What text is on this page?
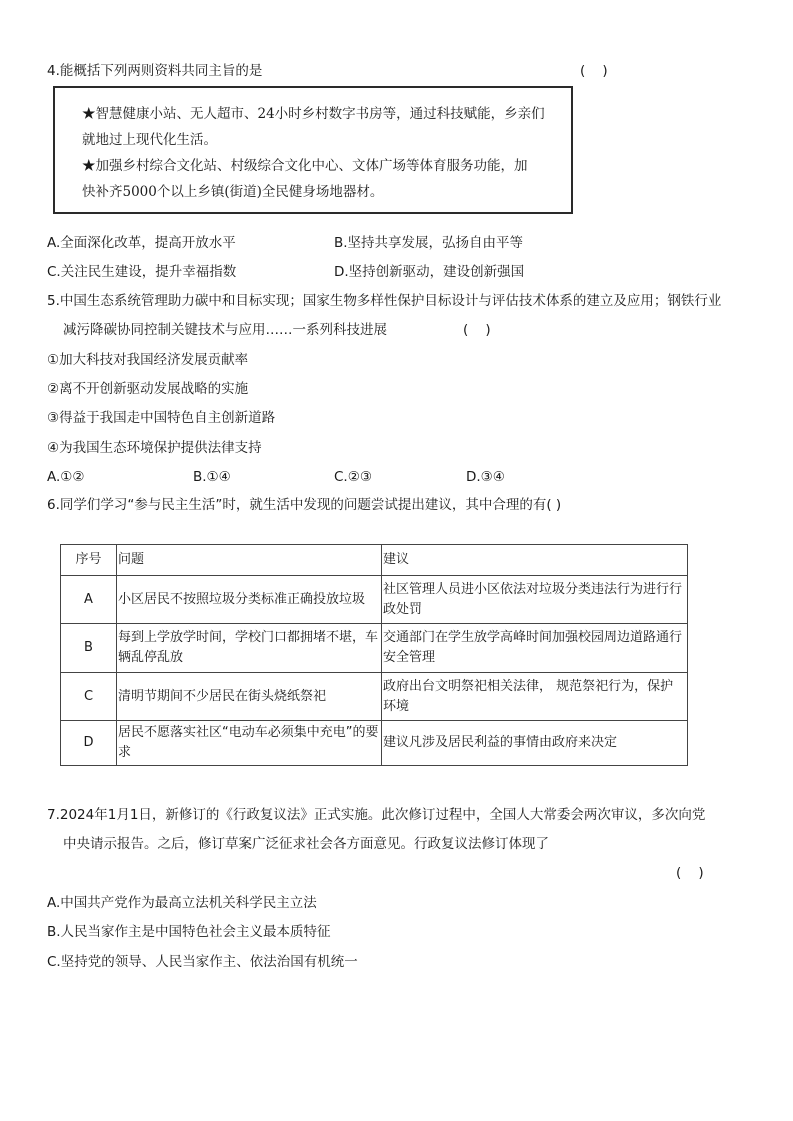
4.能概括下列两则资料共同主旨的是	(    )
★智慧健康小站、无人超市、24小时乡村数字书房等，通过科技赋能，乡亲们
就地过上现代化生活。
★加强乡村综合文化站、村级综合文化中心、文体广场等体育服务功能，加
快补齐5000个以上乡镇(街道)全民健身场地器材。
A.全面深化改革，提高开放水平	B.坚持共享发展，弘扬自由平等
C.关注民生建设，提升幸福指数	D.坚持创新驱动，建设创新强国
5.中国生态系统管理助力碳中和目标实现；国家生物多样性保护目标设计与评估技术体系的建立及应用；钢铁行业
减污降碳协同控制关键技术与应用……一系列科技进展	(    )
①加大科技对我国经济发展贡献率
②离不开创新驱动发展战略的实施
③得益于我国走中国特色自主创新道路
④为我国生态环境保护提供法律支持
A.①②	B.①④	C.②③	D.③④
6.同学们学习“参与民主生活”时，就生活中发现的问题尝试提出建议，其中合理的有( )
序号	问题	建议
A	小区居民不按照垃圾分类标准正确投放垃圾	社区管理人员进小区依法对垃圾分类违法行为进行行政处罚
B	每到上学放学时间，学校门口都拥堵不堪，车辆乱停乱放	交通部门在学生放学高峰时间加强校园周边道路通行安全管理
C	清明节期间不少居民在街头烧纸祭祀	政府出台文明祭祀相关法律， 规范祭祀行为，保护环境
D	居民不愿落实社区“电动车必须集中充电”的要求	建议凡涉及居民利益的事情由政府来决定
7.2024年1月1日，新修订的《行政复议法》正式实施。此次修订过程中，全国人大常委会两次审议，多次向党
中央请示报告。之后，修订草案广泛征求社会各方面意见。行政复议法修订体现了
(    )
A.中国共产党作为最高立法机关科学民主立法
B.人民当家作主是中国特色社会主义最本质特征
C.坚持党的领导、人民当家作主、依法治国有机统一
